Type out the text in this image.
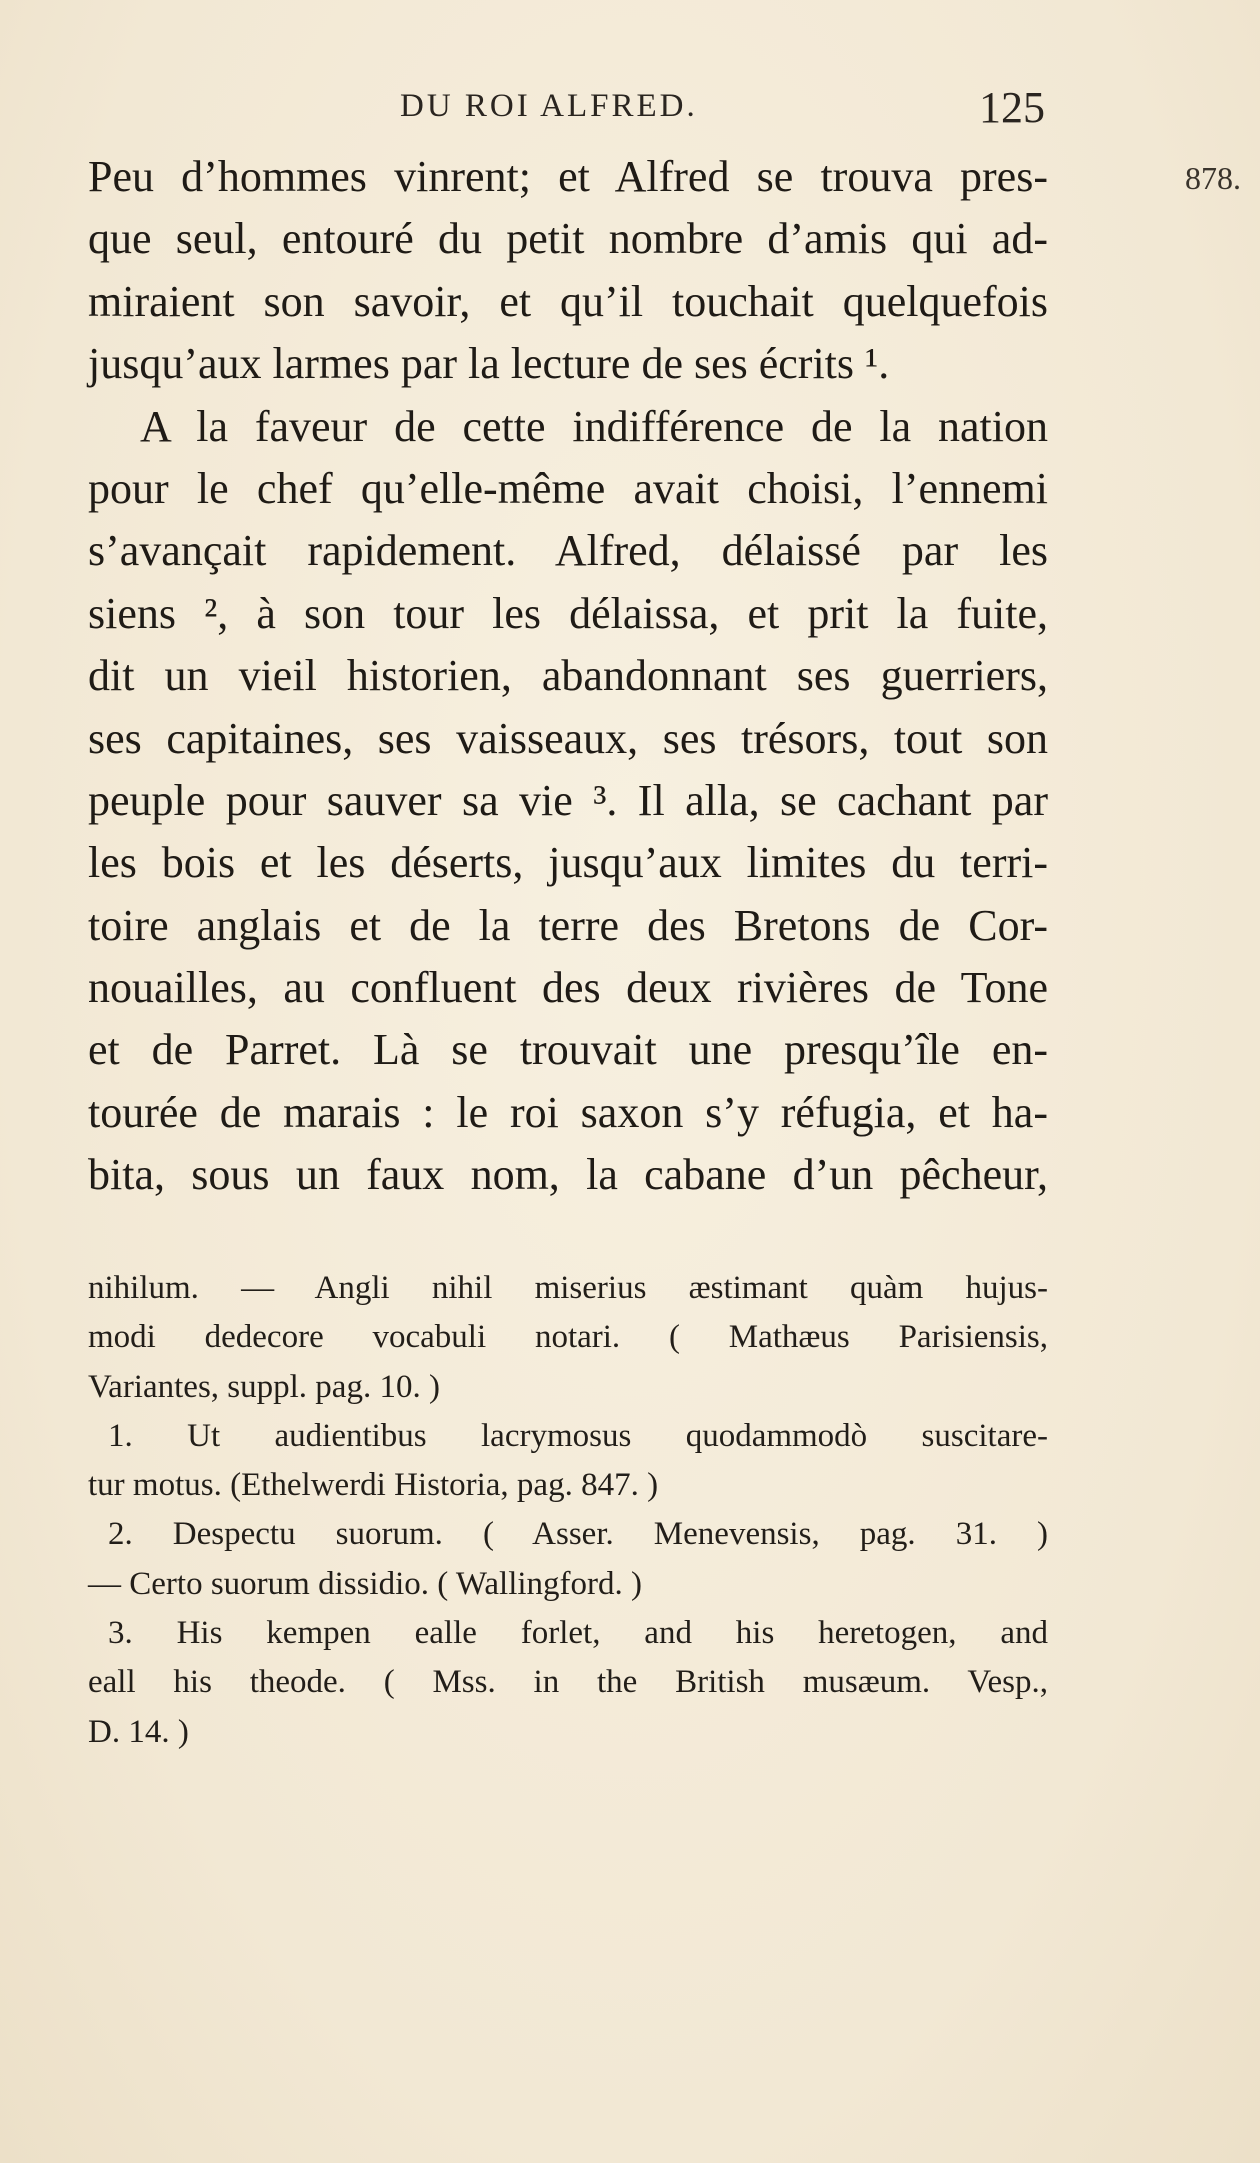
DU ROI ALFRED.	125
878.
Peu d’hommes vinrent; et Alfred se trouva pres-
que seul, entouré du petit nombre d’amis qui ad-
miraient son savoir, et qu’il touchait quelquefois
jusqu’aux larmes par la lecture de ses écrits ¹.
A la faveur de cette indifférence de la nation
pour le chef qu’elle-même avait choisi, l’ennemi
s’avançait rapidement. Alfred, délaissé par les
siens ², à son tour les délaissa, et prit la fuite,
dit un vieil historien, abandonnant ses guerriers,
ses capitaines, ses vaisseaux, ses trésors, tout son
peuple pour sauver sa vie ³. Il alla, se cachant par
les bois et les déserts, jusqu’aux limites du terri-
toire anglais et de la terre des Bretons de Cor-
nouailles, au confluent des deux rivières de Tone
et de Parret. Là se trouvait une presqu’île en-
tourée de marais : le roi saxon s’y réfugia, et ha-
bita, sous un faux nom, la cabane d’un pêcheur,
nihilum. — Angli nihil miserius æstimant quàm hujus-
modi dedecore vocabuli notari. ( Mathæus Parisiensis,
Variantes, suppl. pag. 10. )
1. Ut audientibus lacrymosus quodammodò suscitare-
tur motus. (Ethelwerdi Historia, pag. 847. )
2. Despectu suorum. ( Asser. Menevensis, pag. 31. )
— Certo suorum dissidio. ( Wallingford. )
3. His kempen ealle forlet, and his heretogen, and
eall his theode. ( Mss. in the British musæum. Vesp.,
D. 14. )
